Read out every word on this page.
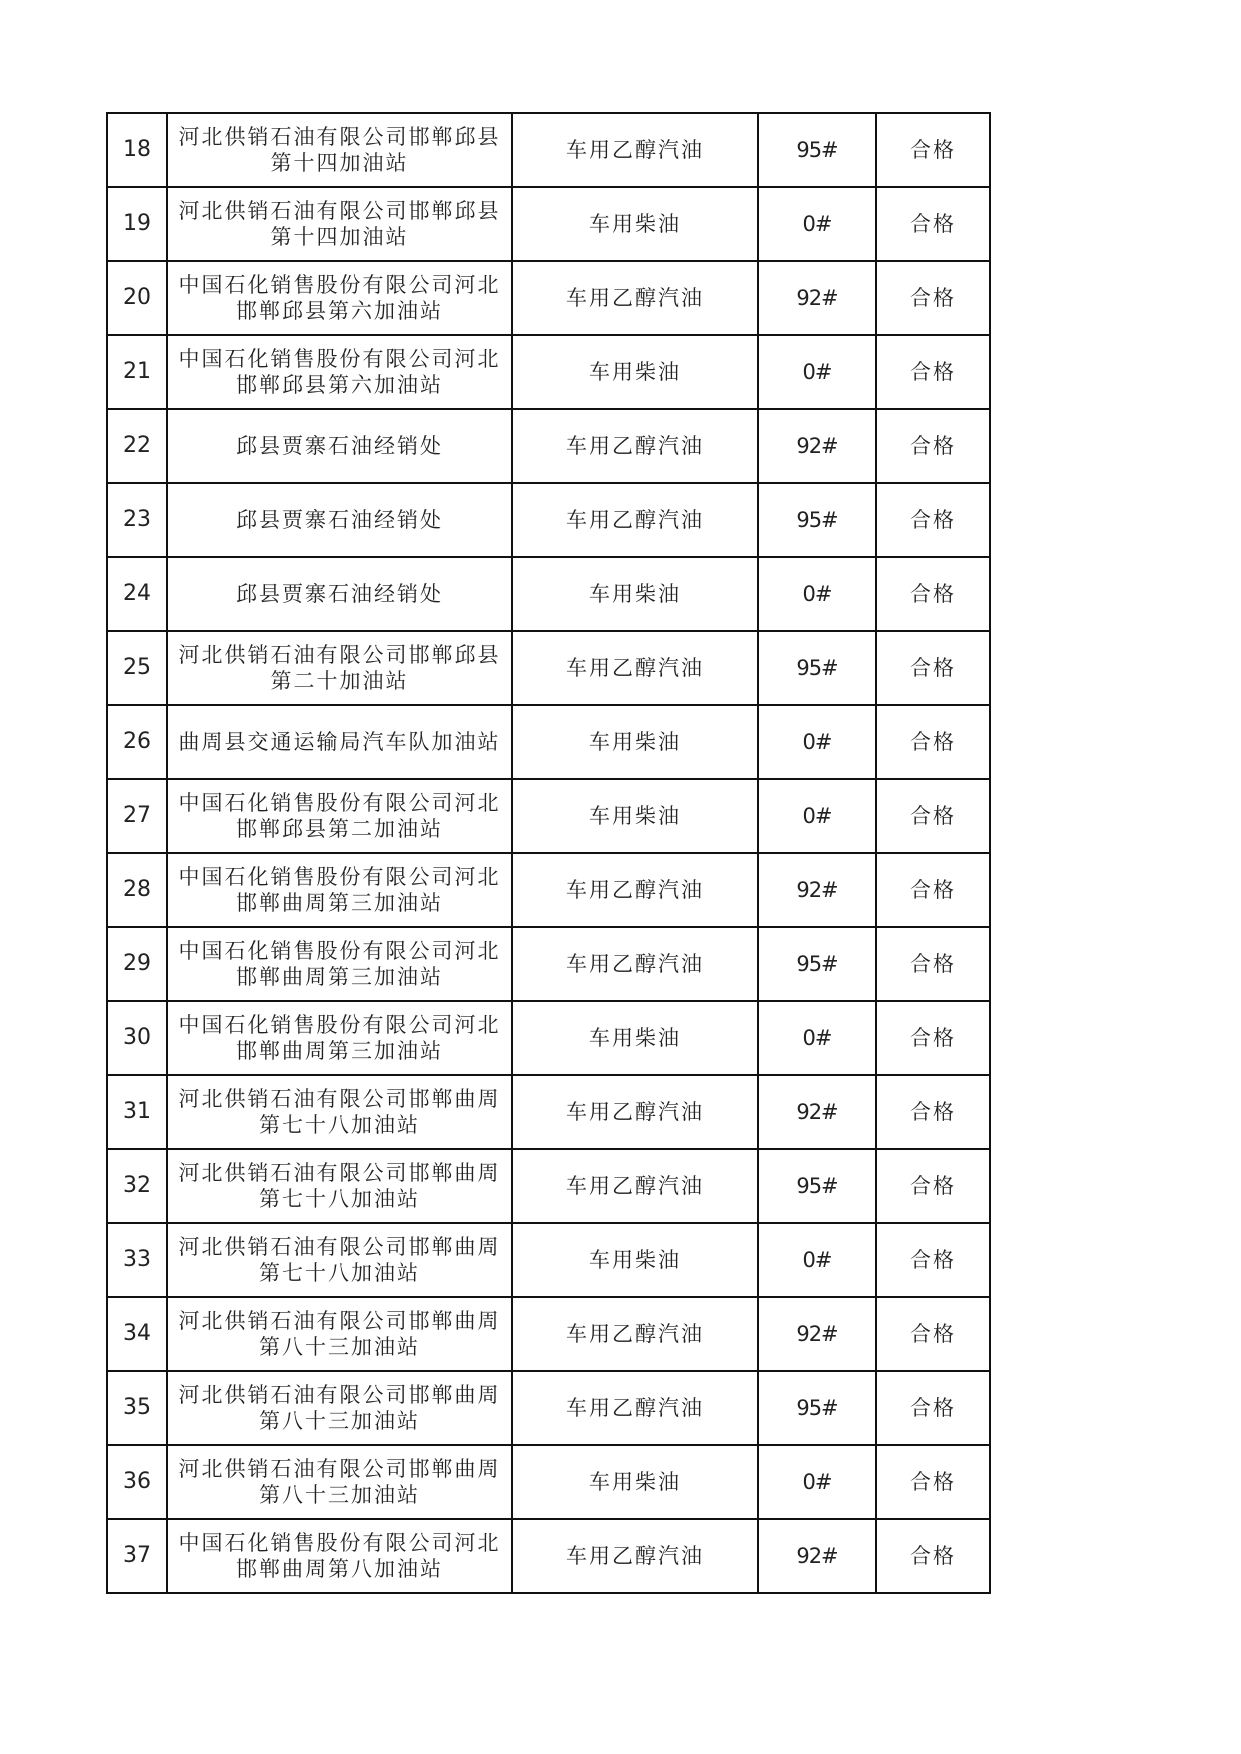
18	河北供销石油有限公司邯郸邱县第十四加油站	车用乙醇汽油	95#	合格
19	河北供销石油有限公司邯郸邱县第十四加油站	车用柴油	0#	合格
20	中国石化销售股份有限公司河北邯郸邱县第六加油站	车用乙醇汽油	92#	合格
21	中国石化销售股份有限公司河北邯郸邱县第六加油站	车用柴油	0#	合格
22	邱县贾寨石油经销处	车用乙醇汽油	92#	合格
23	邱县贾寨石油经销处	车用乙醇汽油	95#	合格
24	邱县贾寨石油经销处	车用柴油	0#	合格
25	河北供销石油有限公司邯郸邱县第二十加油站	车用乙醇汽油	95#	合格
26	曲周县交通运输局汽车队加油站	车用柴油	0#	合格
27	中国石化销售股份有限公司河北邯郸邱县第二加油站	车用柴油	0#	合格
28	中国石化销售股份有限公司河北邯郸曲周第三加油站	车用乙醇汽油	92#	合格
29	中国石化销售股份有限公司河北邯郸曲周第三加油站	车用乙醇汽油	95#	合格
30	中国石化销售股份有限公司河北邯郸曲周第三加油站	车用柴油	0#	合格
31	河北供销石油有限公司邯郸曲周第七十八加油站	车用乙醇汽油	92#	合格
32	河北供销石油有限公司邯郸曲周第七十八加油站	车用乙醇汽油	95#	合格
33	河北供销石油有限公司邯郸曲周第七十八加油站	车用柴油	0#	合格
34	河北供销石油有限公司邯郸曲周第八十三加油站	车用乙醇汽油	92#	合格
35	河北供销石油有限公司邯郸曲周第八十三加油站	车用乙醇汽油	95#	合格
36	河北供销石油有限公司邯郸曲周第八十三加油站	车用柴油	0#	合格
37	中国石化销售股份有限公司河北邯郸曲周第八加油站	车用乙醇汽油	92#	合格
